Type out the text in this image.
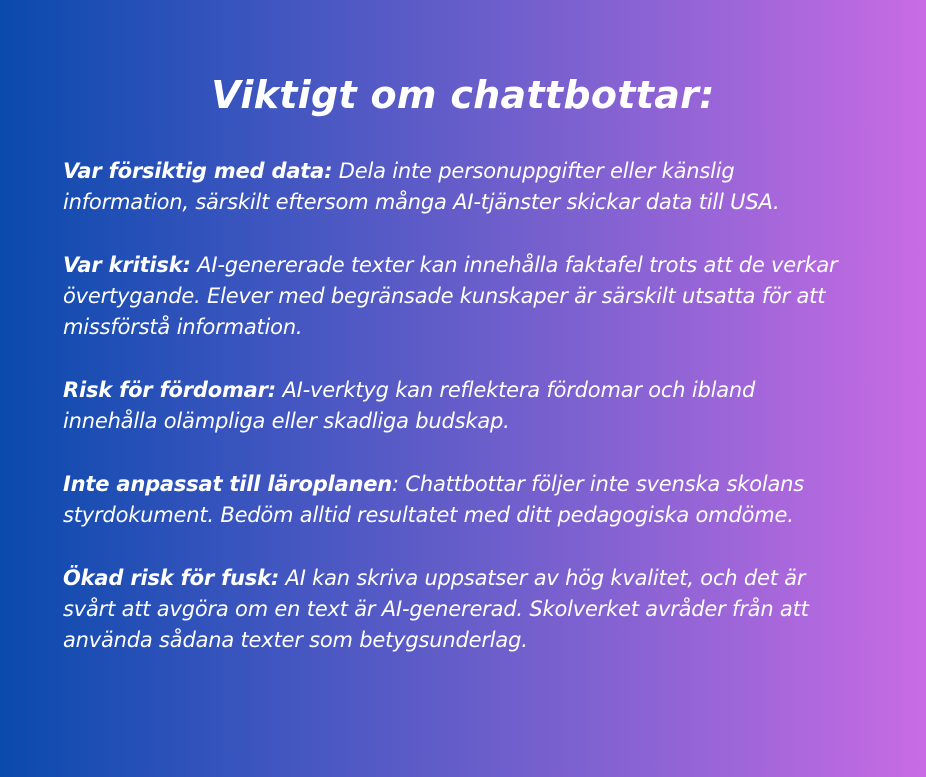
Viktigt om chattbottar:

Var försiktig med data: Dela inte personuppgifter eller känslig
information, särskilt eftersom många AI-tjänster skickar data till USA.

Var kritisk: AI-genererade texter kan innehålla faktafel trots att de verkar
övertygande. Elever med begränsade kunskaper är särskilt utsatta för att
missförstå information.

Risk för fördomar: AI-verktyg kan reflektera fördomar och ibland
innehålla olämpliga eller skadliga budskap.

Inte anpassat till läroplanen: Chattbottar följer inte svenska skolans
styrdokument. Bedöm alltid resultatet med ditt pedagogiska omdöme.

Ökad risk för fusk: AI kan skriva uppsatser av hög kvalitet, och det är
svårt att avgöra om en text är AI-genererad. Skolverket avråder från att
använda sådana texter som betygsunderlag.
